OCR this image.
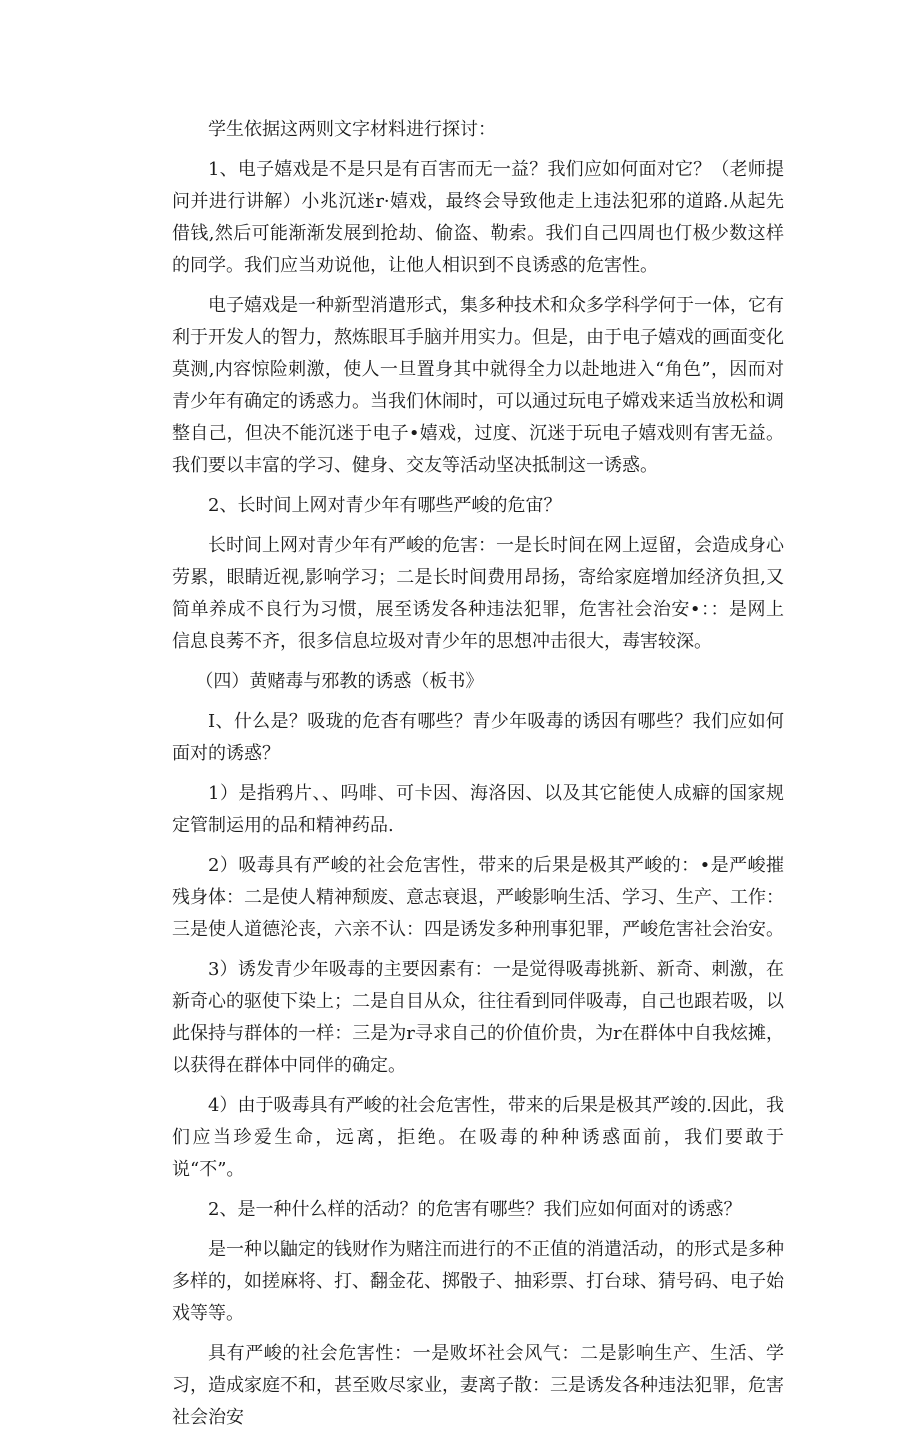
学生依据这两则文字材料进行探讨：

1、电子嬉戏是不是只是有百害而无一益？我们应如何面对它？（老师提问并进行讲解）小兆沉迷r·嬉戏，最终会导致他走上违法犯邪的道路.从起先借钱,然后可能渐渐发展到抢劫、偷盗、勒索。我们自己四周也仃极少数这样的同学。我们应当劝说他，让他人相识到不良诱惑的危害性。

电子嬉戏是一种新型消遣形式，集多种技术和众多学科学何于一体，它有利于开发人的智力，熬炼眼耳手脑并用实力。但是，由于电子嬉戏的画面变化莫测,内容惊险刺激，使人一旦置身其中就得全力以赴地进入“角色”，因而对青少年有确定的诱惑力。当我们休闹时，可以通过玩电子嫦戏来适当放松和调整自己，但决不能沉迷于电子•嬉戏，过度、沉迷于玩电子嬉戏则有害无益。我们要以丰富的学习、健身、交友等活动坚决抵制这一诱惑。

2、长时间上网对青少年有哪些严峻的危宙？

长时间上网对青少年有严峻的危害：一是长时间在网上逗留，会造成身心劳累，眼睛近视,影响学习；二是长时间费用昂扬，寄给家庭增加经济负担,又简单养成不良行为习惯，展至诱发各种违法犯罪，危害社会治安•：：是网上信息良莠不齐，很多信息垃圾对青少年的思想冲击很大，毒害较深。

（四）黄赌毒与邪教的诱惑（板书》

I、什么是？吸珑的危杳有哪些？青少年吸毒的诱因有哪些？我们应如何面对的诱惑？

1）是指鸦片、、吗啡、可卡因、海洛因、以及其它能使人成癖的国家规定管制运用的品和精神药品.

2）吸毒具有严峻的社会危害性，带来的后果是极其严峻的：•是严峻摧残身体：二是使人精神颓废、意志衰退，严峻影响生活、学习、生产、工作：三是使人道德沦丧，六亲不认：四是诱发多种刑事犯罪，严峻危害社会治安。

3）诱发青少年吸毒的主要因素有：一是觉得吸毒挑新、新奇、刺激，在新奇心的驱使下染上；二是自目从众，往往看到同伴吸毒，自己也跟若吸，以此保持与群体的一样：三是为r寻求自己的价值价贵，为r在群体中自我炫摊，以获得在群体中同伴的确定。

4）由于吸毒具有严峻的社会危害性，带来的后果是极其严竣的.因此，我们应当珍爱生命，远离，拒绝。在吸毒的种种诱惑面前，我们要敢于说“不”。

2、是一种什么样的活动？的危害有哪些？我们应如何面对的诱惑？

是一种以鼬定的钱财作为赌注而进行的不正值的消遣活动，的形式是多种多样的，如搓麻将、打、翻金花、掷骰子、抽彩票、打台球、猜号码、电子始戏等等。

具有严峻的社会危害性：一是败坏社会风气：二是影响生产、生活、学习，造成家庭不和，甚至败尽家业，妻离子散：三是诱发各种违法犯罪，危害社会治安
